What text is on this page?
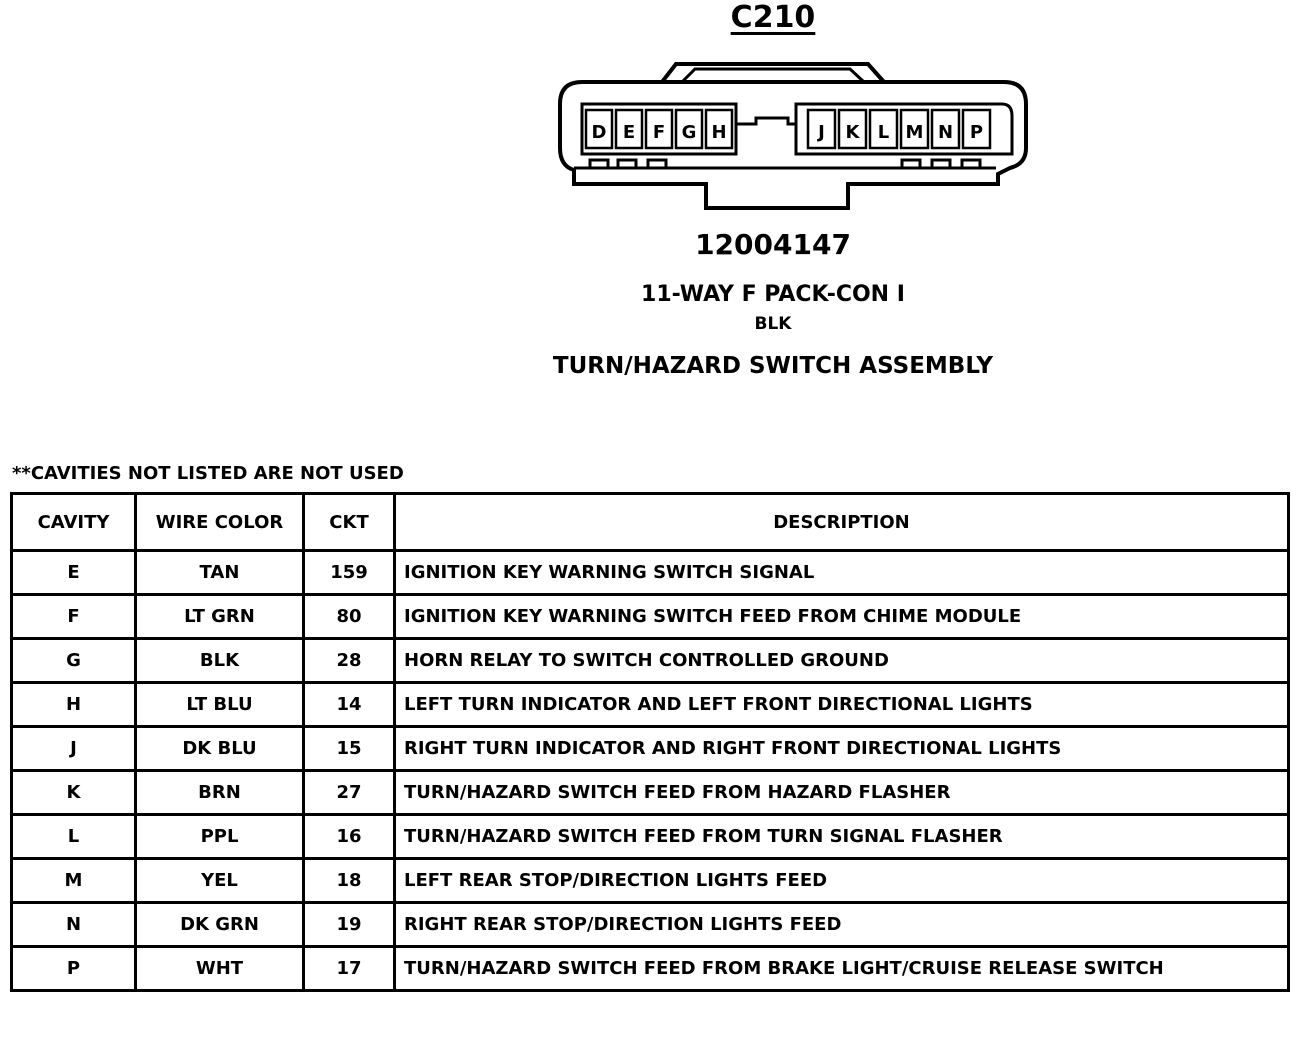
C210
D E F G H	J K L M N P
12004147
11-WAY F PACK-CON I
BLK
TURN/HAZARD SWITCH ASSEMBLY
**CAVITIES NOT LISTED ARE NOT USED
CAVITY	WIRE COLOR	CKT	DESCRIPTION
E	TAN	159	IGNITION KEY WARNING SWITCH SIGNAL
F	LT GRN	80	IGNITION KEY WARNING SWITCH FEED FROM CHIME MODULE
G	BLK	28	HORN RELAY TO SWITCH CONTROLLED GROUND
H	LT BLU	14	LEFT TURN INDICATOR AND LEFT FRONT DIRECTIONAL LIGHTS
J	DK BLU	15	RIGHT TURN INDICATOR AND RIGHT FRONT DIRECTIONAL LIGHTS
K	BRN	27	TURN/HAZARD SWITCH FEED FROM HAZARD FLASHER
L	PPL	16	TURN/HAZARD SWITCH FEED FROM TURN SIGNAL FLASHER
M	YEL	18	LEFT REAR STOP/DIRECTION LIGHTS FEED
N	DK GRN	19	RIGHT REAR STOP/DIRECTION LIGHTS FEED
P	WHT	17	TURN/HAZARD SWITCH FEED FROM BRAKE LIGHT/CRUISE RELEASE SWITCH
